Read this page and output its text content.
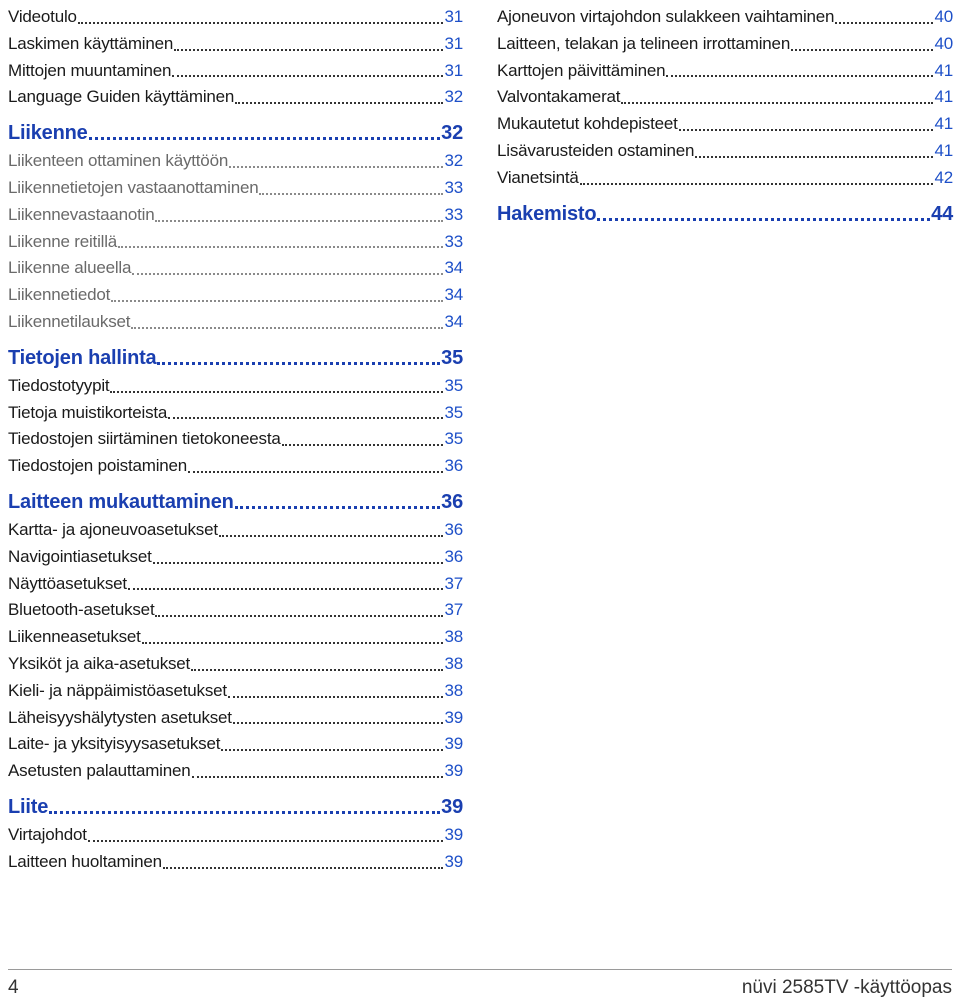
Videotulo	31
Laskimen käyttäminen	31
Mittojen muuntaminen	31
Language Guiden käyttäminen	32
Liikenne	32
Liikenteen ottaminen käyttöön	32
Liikennetietojen vastaanottaminen	33
Liikennevastaanotin	33
Liikenne reitillä	33
Liikenne alueella	34
Liikennetiedot	34
Liikennetilaukset	34
Tietojen hallinta	35
Tiedostotyypit	35
Tietoja muistikorteista	35
Tiedostojen siirtäminen tietokoneesta	35
Tiedostojen poistaminen	36
Laitteen mukauttaminen	36
Kartta- ja ajoneuvoasetukset	36
Navigointiasetukset	36
Näyttöasetukset	37
Bluetooth-asetukset	37
Liikenneasetukset	38
Yksiköt ja aika-asetukset	38
Kieli- ja näppäimistöasetukset	38
Läheisyyshälytysten asetukset	39
Laite- ja yksityisyysasetukset	39
Asetusten palauttaminen	39
Liite	39
Virtajohdot	39
Laitteen huoltaminen	39
Ajoneuvon virtajohdon sulakkeen vaihtaminen	40
Laitteen, telakan ja telineen irrottaminen	40
Karttojen päivittäminen	41
Valvontakamerat	41
Mukautetut kohdepisteet	41
Lisävarusteiden ostaminen	41
Vianetsintä	42
Hakemisto	44
4	nüvi 2585TV -käyttöopas
